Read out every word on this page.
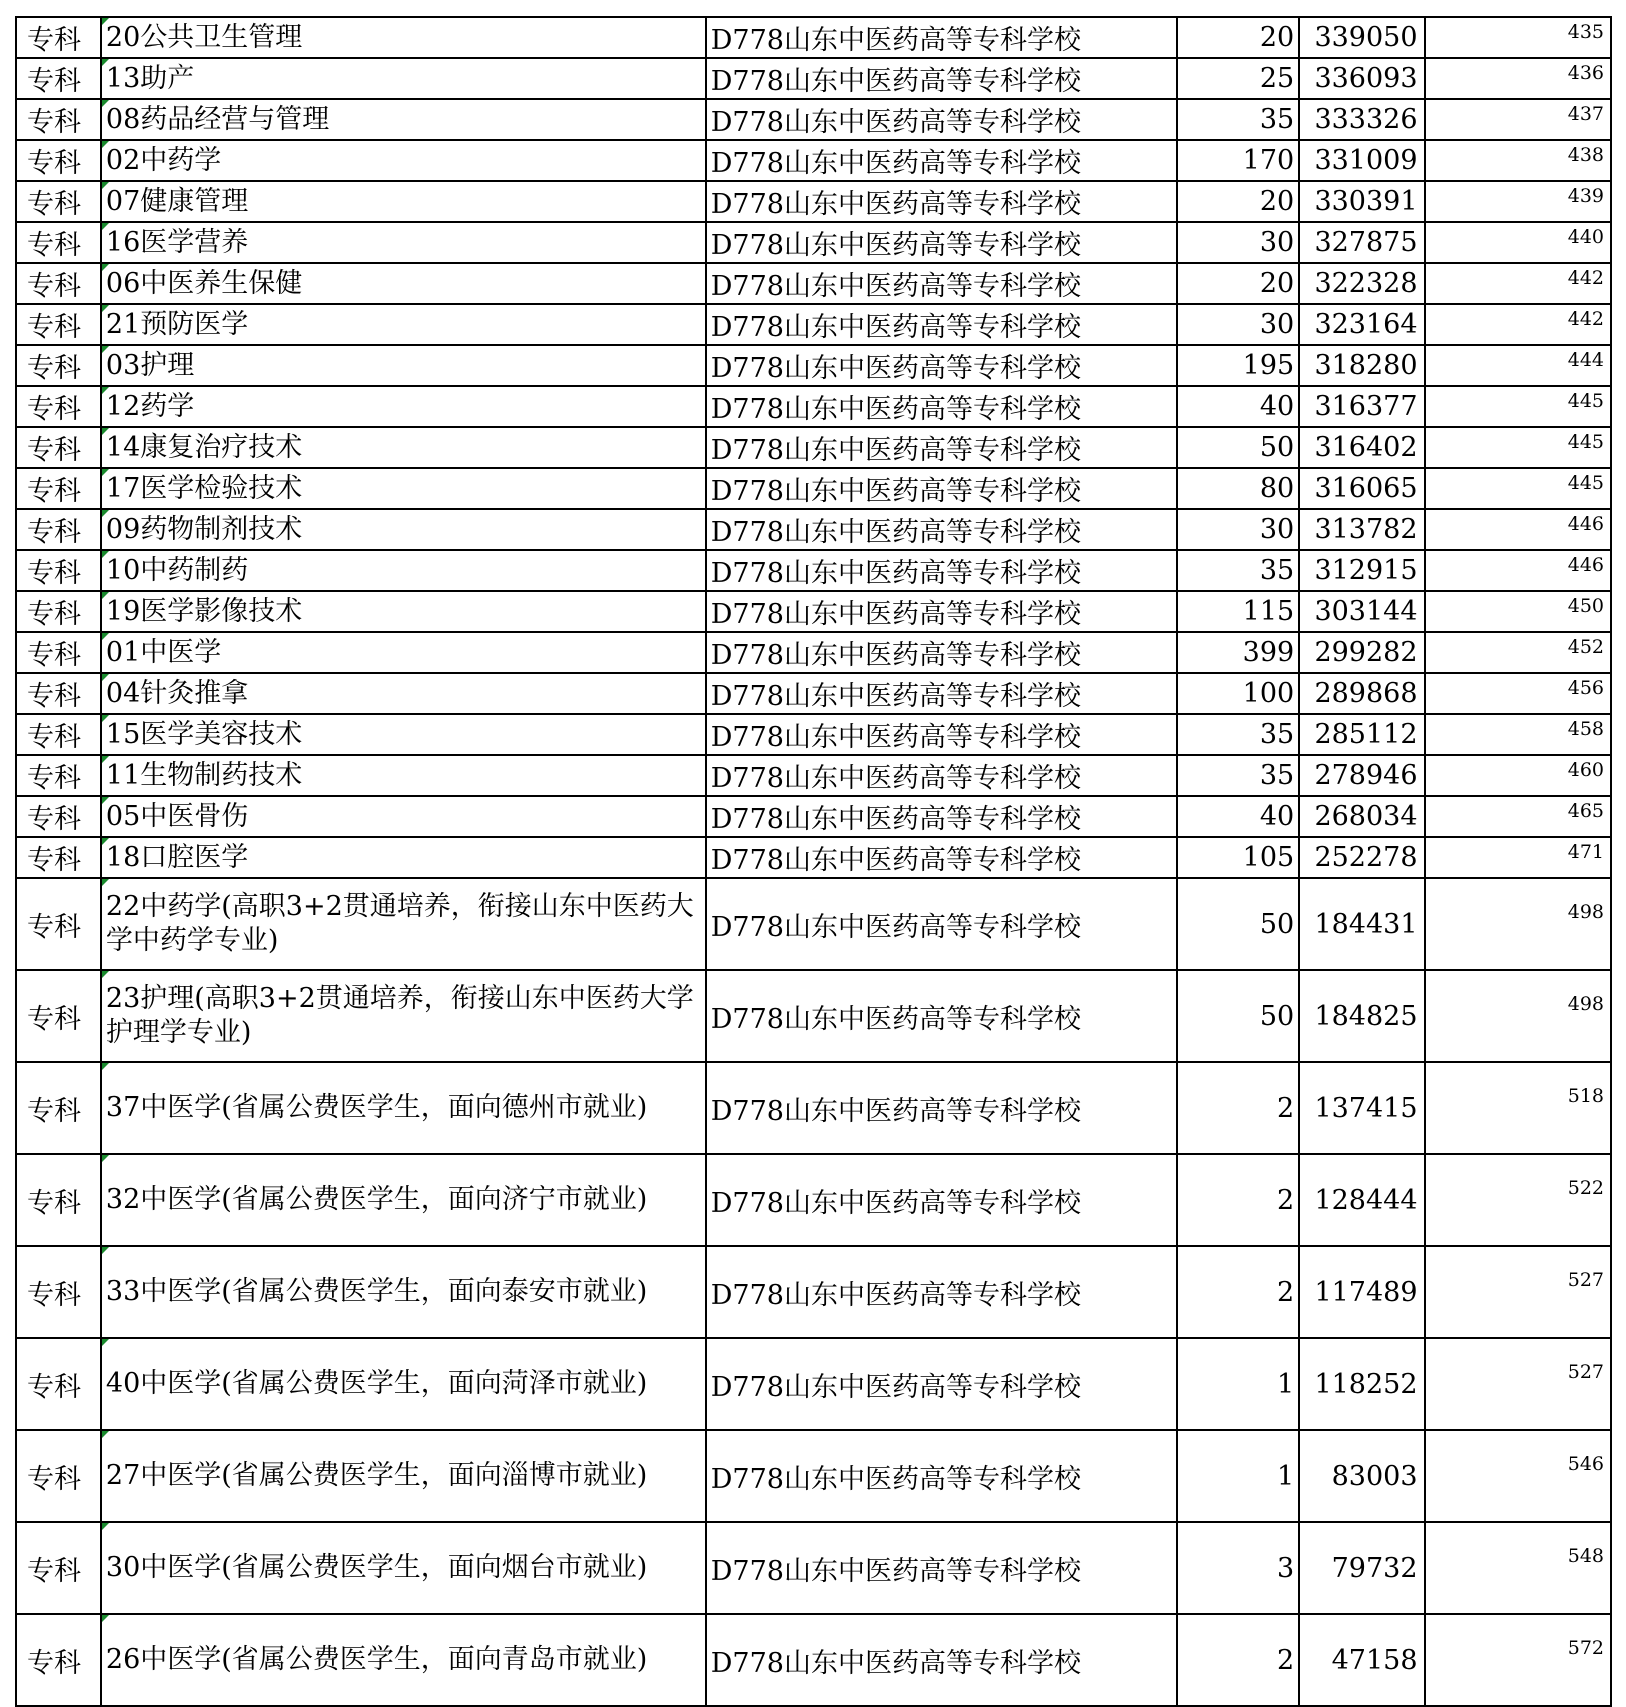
专科	20公共卫生管理	D778山东中医药高等专科学校	20	339050	435
专科	13助产	D778山东中医药高等专科学校	25	336093	436
专科	08药品经营与管理	D778山东中医药高等专科学校	35	333326	437
专科	02中药学	D778山东中医药高等专科学校	170	331009	438
专科	07健康管理	D778山东中医药高等专科学校	20	330391	439
专科	16医学营养	D778山东中医药高等专科学校	30	327875	440
专科	06中医养生保健	D778山东中医药高等专科学校	20	322328	442
专科	21预防医学	D778山东中医药高等专科学校	30	323164	442
专科	03护理	D778山东中医药高等专科学校	195	318280	444
专科	12药学	D778山东中医药高等专科学校	40	316377	445
专科	14康复治疗技术	D778山东中医药高等专科学校	50	316402	445
专科	17医学检验技术	D778山东中医药高等专科学校	80	316065	445
专科	09药物制剂技术	D778山东中医药高等专科学校	30	313782	446
专科	10中药制药	D778山东中医药高等专科学校	35	312915	446
专科	19医学影像技术	D778山东中医药高等专科学校	115	303144	450
专科	01中医学	D778山东中医药高等专科学校	399	299282	452
专科	04针灸推拿	D778山东中医药高等专科学校	100	289868	456
专科	15医学美容技术	D778山东中医药高等专科学校	35	285112	458
专科	11生物制药技术	D778山东中医药高等专科学校	35	278946	460
专科	05中医骨伤	D778山东中医药高等专科学校	40	268034	465
专科	18口腔医学	D778山东中医药高等专科学校	105	252278	471
专科	22中药学(高职3+2贯通培养，衔接山东中医药大学中药学专业)	D778山东中医药高等专科学校	50	184431	498
专科	23护理(高职3+2贯通培养，衔接山东中医药大学护理学专业)	D778山东中医药高等专科学校	50	184825	498
专科	37中医学(省属公费医学生，面向德州市就业)	D778山东中医药高等专科学校	2	137415	518
专科	32中医学(省属公费医学生，面向济宁市就业)	D778山东中医药高等专科学校	2	128444	522
专科	33中医学(省属公费医学生，面向泰安市就业)	D778山东中医药高等专科学校	2	117489	527
专科	40中医学(省属公费医学生，面向菏泽市就业)	D778山东中医药高等专科学校	1	118252	527
专科	27中医学(省属公费医学生，面向淄博市就业)	D778山东中医药高等专科学校	1	83003	546
专科	30中医学(省属公费医学生，面向烟台市就业)	D778山东中医药高等专科学校	3	79732	548
专科	26中医学(省属公费医学生，面向青岛市就业)	D778山东中医药高等专科学校	2	47158	572
